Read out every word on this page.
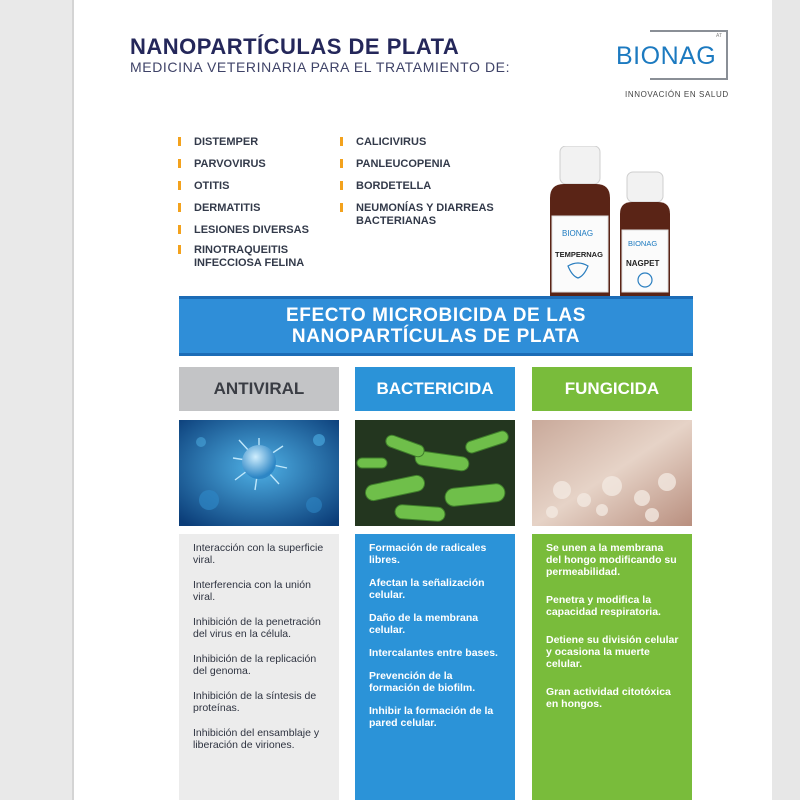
NANOPARTÍCULAS DE PLATA
MEDICINA VETERINARIA PARA EL TRATAMIENTO DE:	BIONAG
AT
INNOVACIÓN EN SALUD
DISTEMPER
PARVOVIRUS
OTITIS
DERMATITIS
LESIONES DIVERSAS
RINOTRAQUEITIS INFECCIOSA FELINA
CALICIVIRUS
PANLEUCOPENIA
BORDETELLA
NEUMONÍAS Y DIARREAS BACTERIANAS
BIONAG
TEMPERNAG
BIONAG
NAGPET
EFECTO MICROBICIDA DE LAS
NANOPARTÍCULAS DE PLATA
ANTIVIRAL

Interacción con la superficie viral.

Interferencia con la unión viral.

Inhibición de la penetración del virus en la célula.

Inhibición de la replicación del genoma.

Inhibición de la síntesis de proteínas.

Inhibición del ensamblaje y liberación de viriones.

BACTERICIDA

Formación de radicales libres.

Afectan la señalización celular.

Daño de la membrana celular.

Intercalantes entre bases.

Prevención de la formación de biofilm.

Inhibir la formación de la pared celular.

FUNGICIDA

Se unen a la membrana del hongo modificando su permeabilidad.

Penetra y modifica la capacidad respiratoria.

Detiene su división celular y ocasiona la muerte celular.

Gran actividad citotóxica en hongos.
